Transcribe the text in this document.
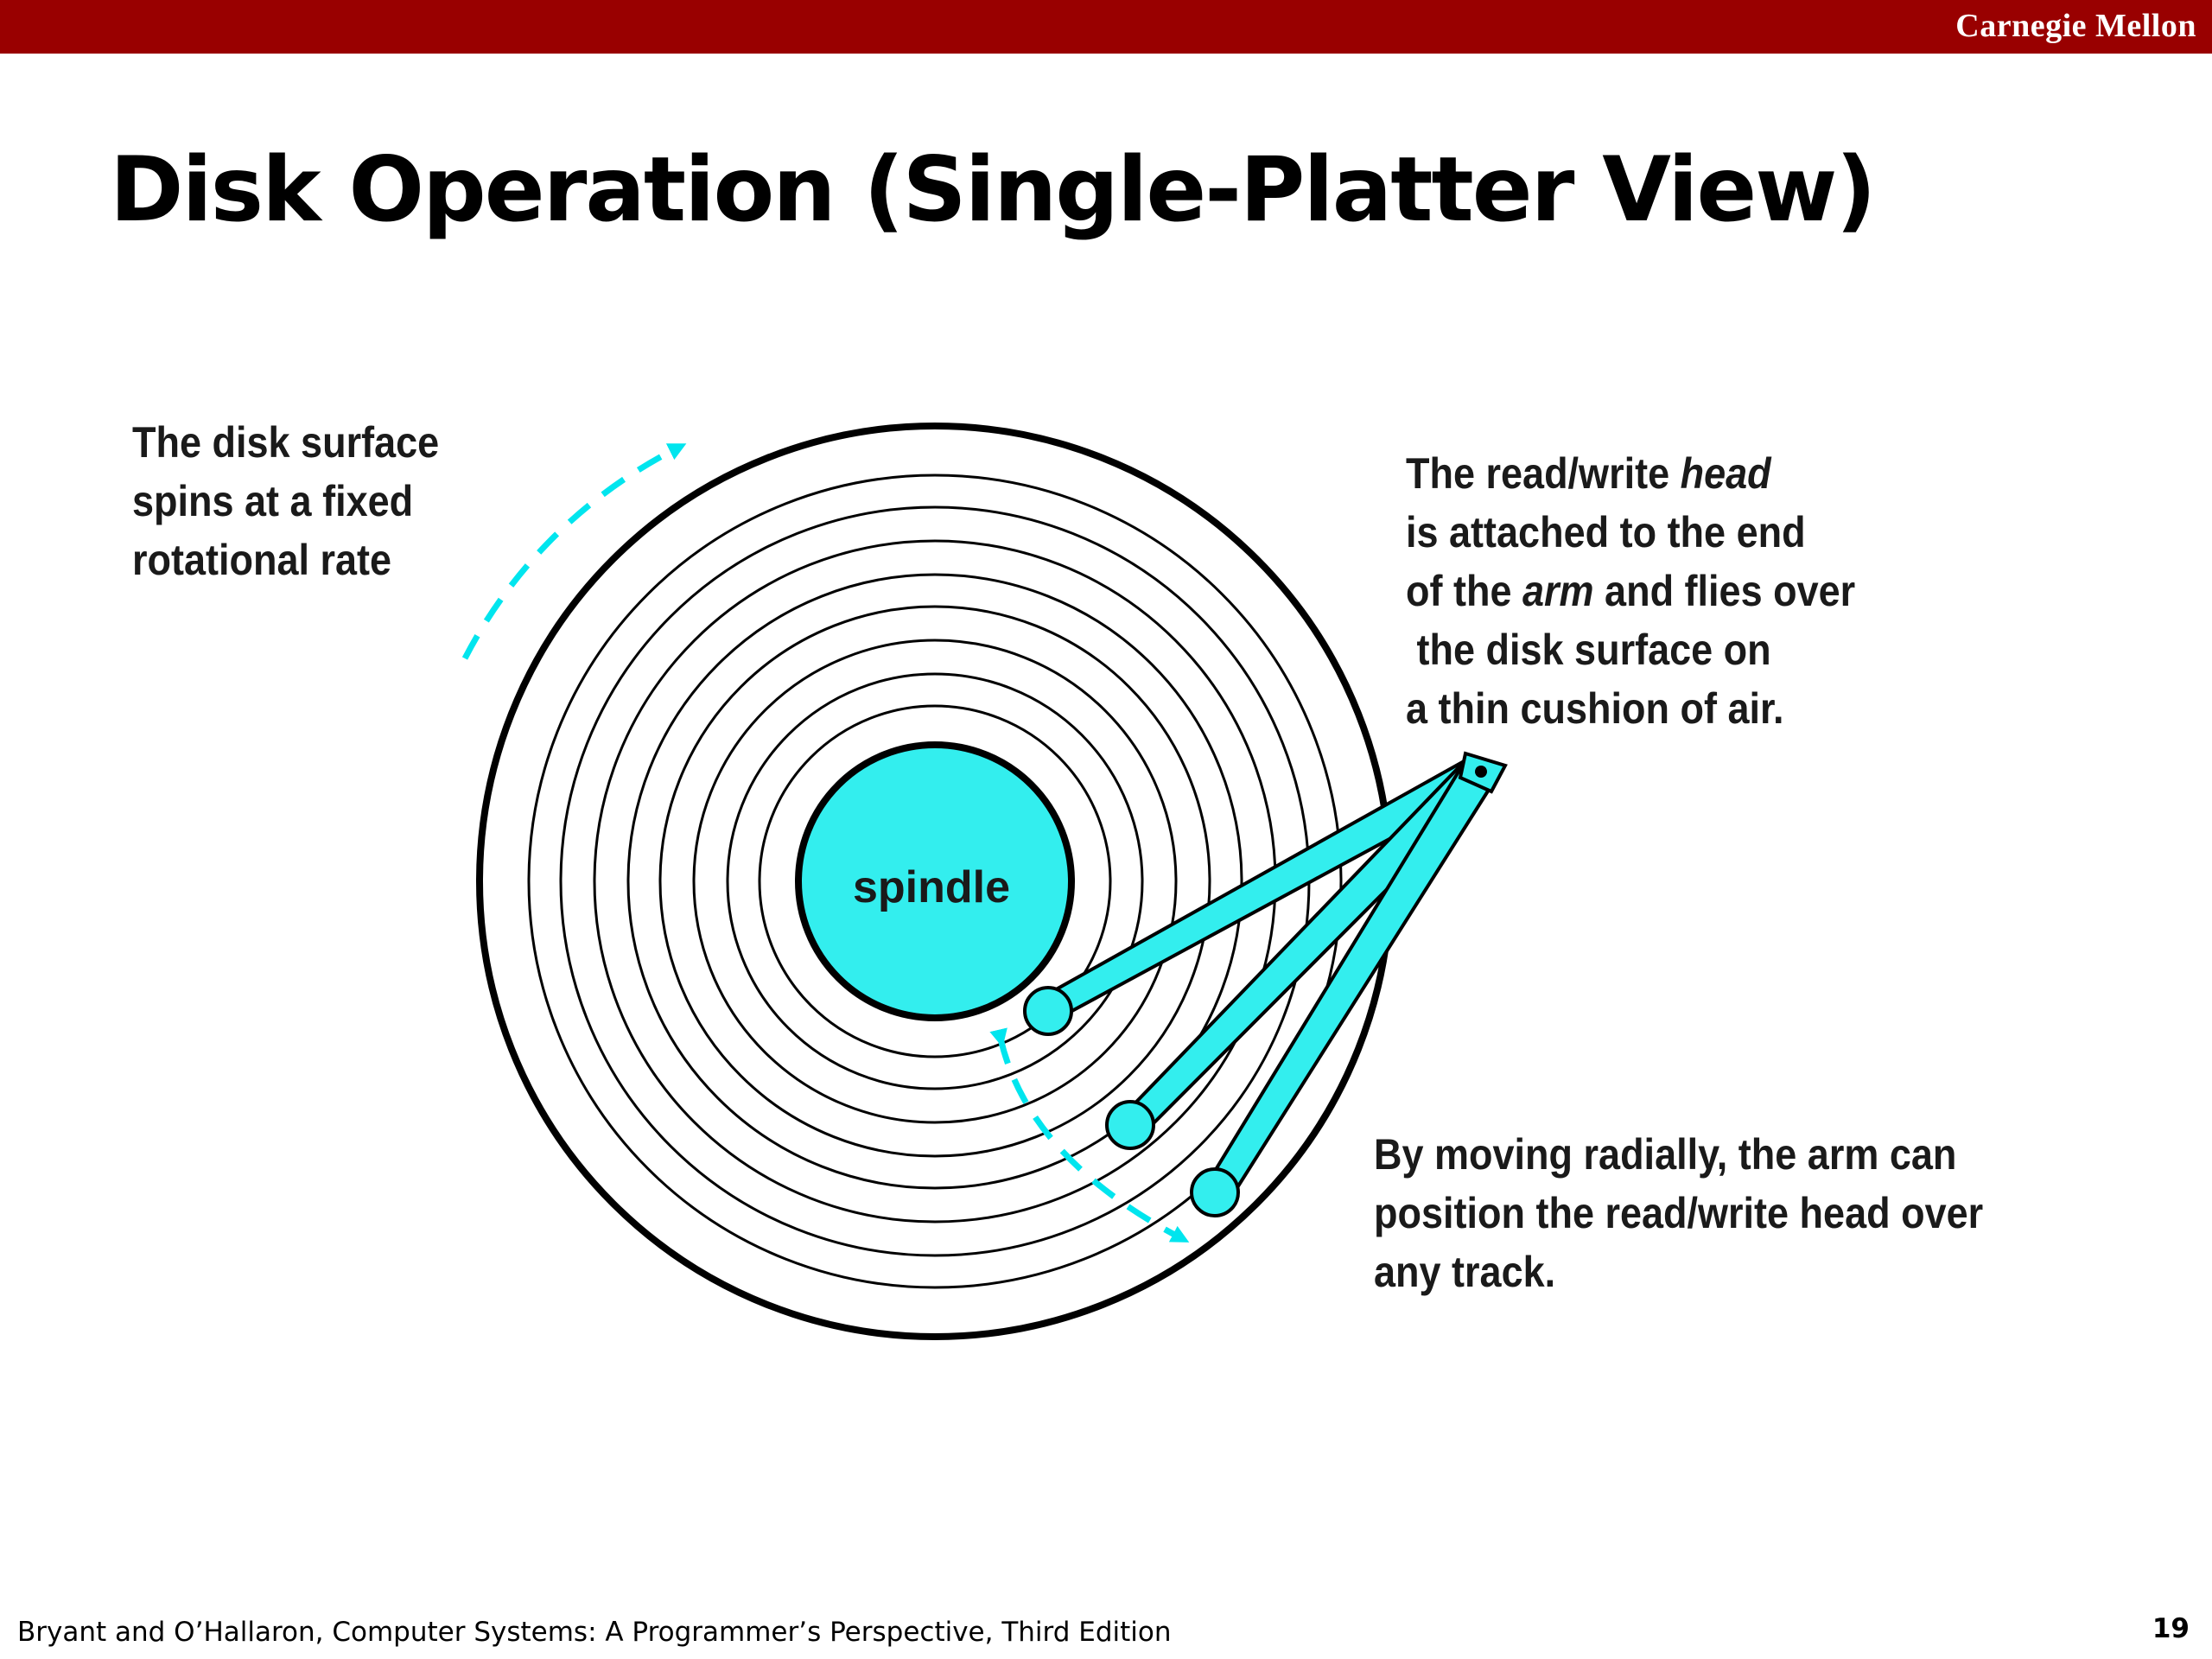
Carnegie Mellon
Disk Operation (Single-Platter View)
spindle
The disk surface
spins at a fixed
rotational rate
The read/write head
is attached to the end
of the arm and flies over
the disk surface on
a thin cushion of air.
By moving radially, the arm can
position the read/write head over
any track.
Bryant and O’Hallaron, Computer Systems: A Programmer’s Perspective, Third Edition	19
